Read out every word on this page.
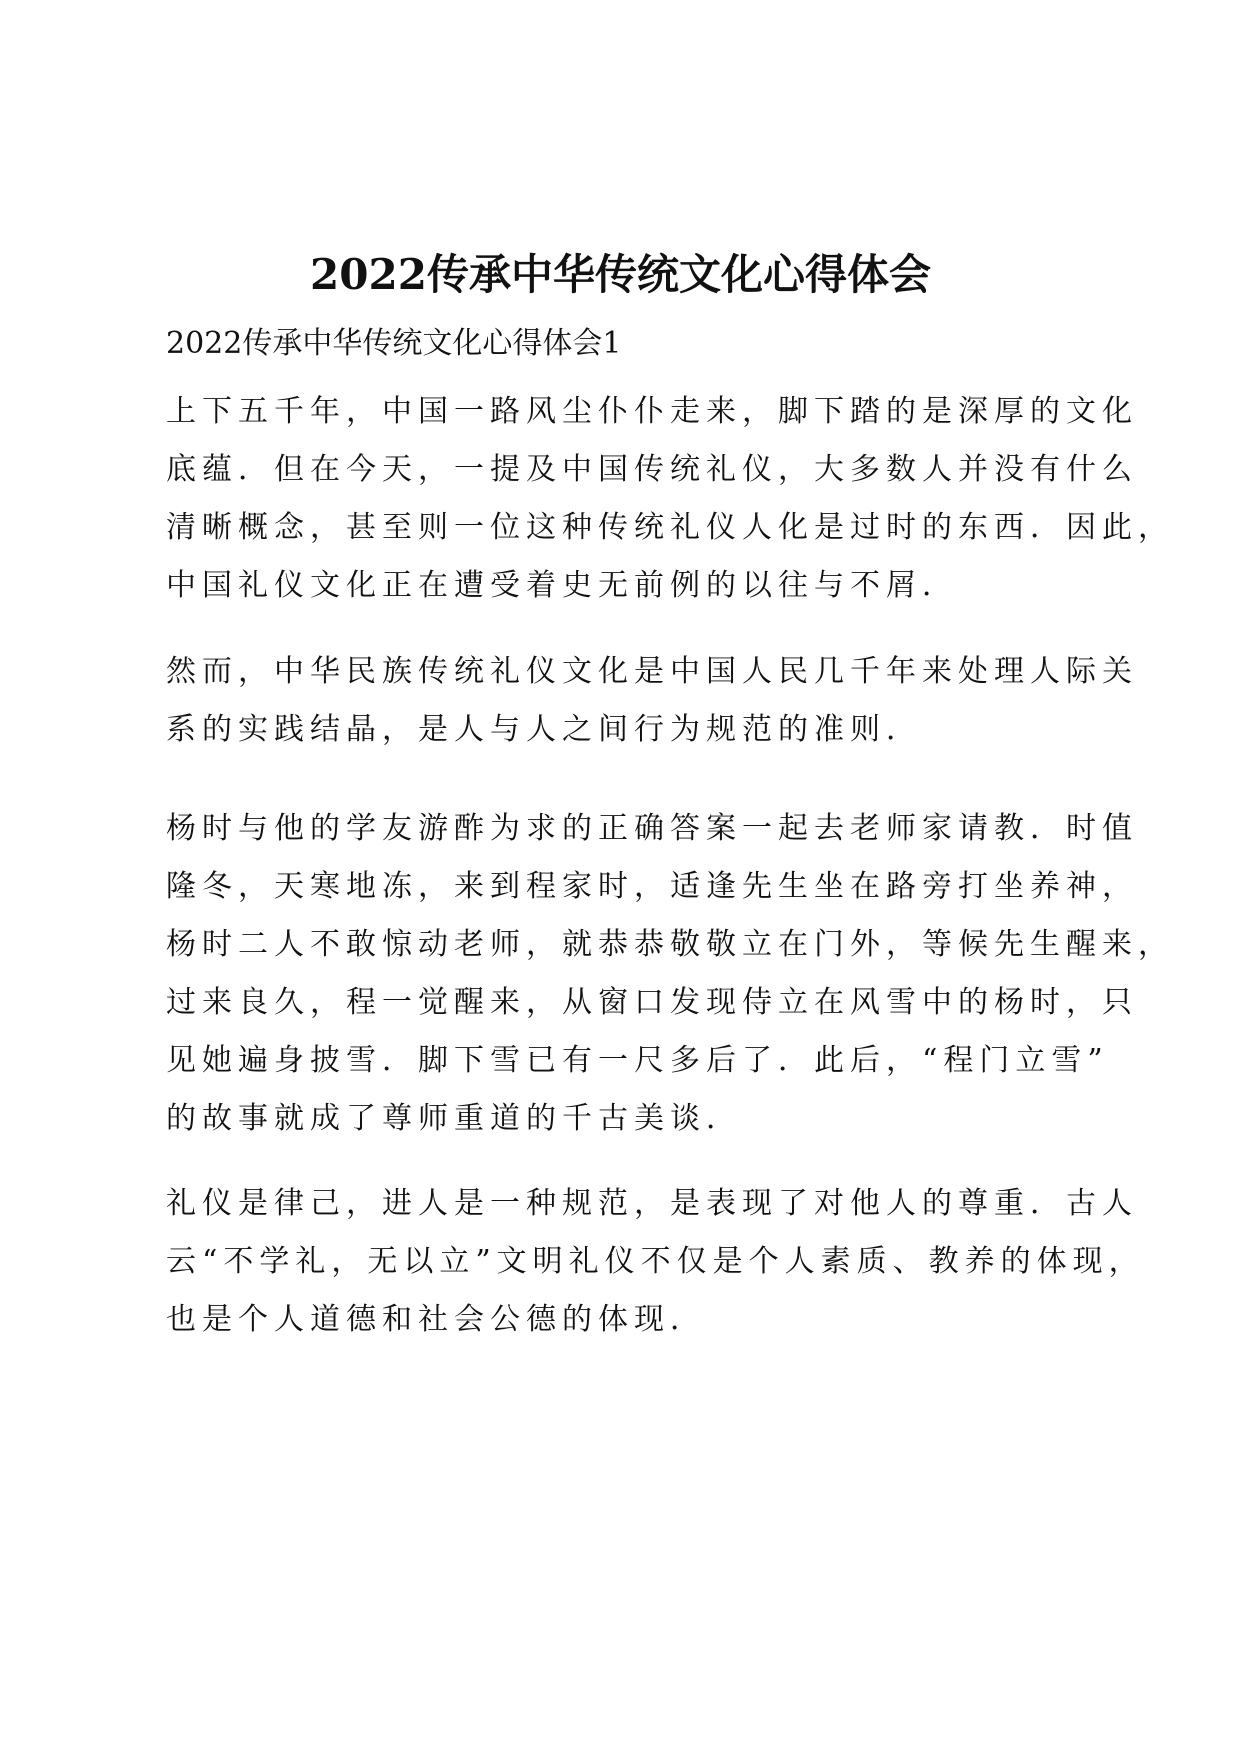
2022传承中华传统文化心得体会

2022传承中华传统文化心得体会1

上下五千年，中国一路风尘仆仆走来，脚下踏的是深厚的文化
底蕴．但在今天，一提及中国传统礼仪，大多数人并没有什么
清晰概念，甚至则一位这种传统礼仪人化是过时的东西．因此，
中国礼仪文化正在遭受着史无前例的以往与不屑．

然而，中华民族传统礼仪文化是中国人民几千年来处理人际关
系的实践结晶，是人与人之间行为规范的准则．

杨时与他的学友游酢为求的正确答案一起去老师家请教．时值
隆冬，天寒地冻，来到程家时，适逢先生坐在路旁打坐养神，
杨时二人不敢惊动老师，就恭恭敬敬立在门外，等候先生醒来，
过来良久，程一觉醒来，从窗口发现侍立在风雪中的杨时，只
见她遍身披雪．脚下雪已有一尺多后了．此后，“程门立雪”
的故事就成了尊师重道的千古美谈．

礼仪是律己，进人是一种规范，是表现了对他人的尊重．古人
云“不学礼，无以立”文明礼仪不仅是个人素质、教养的体现，
也是个人道德和社会公德的体现．
